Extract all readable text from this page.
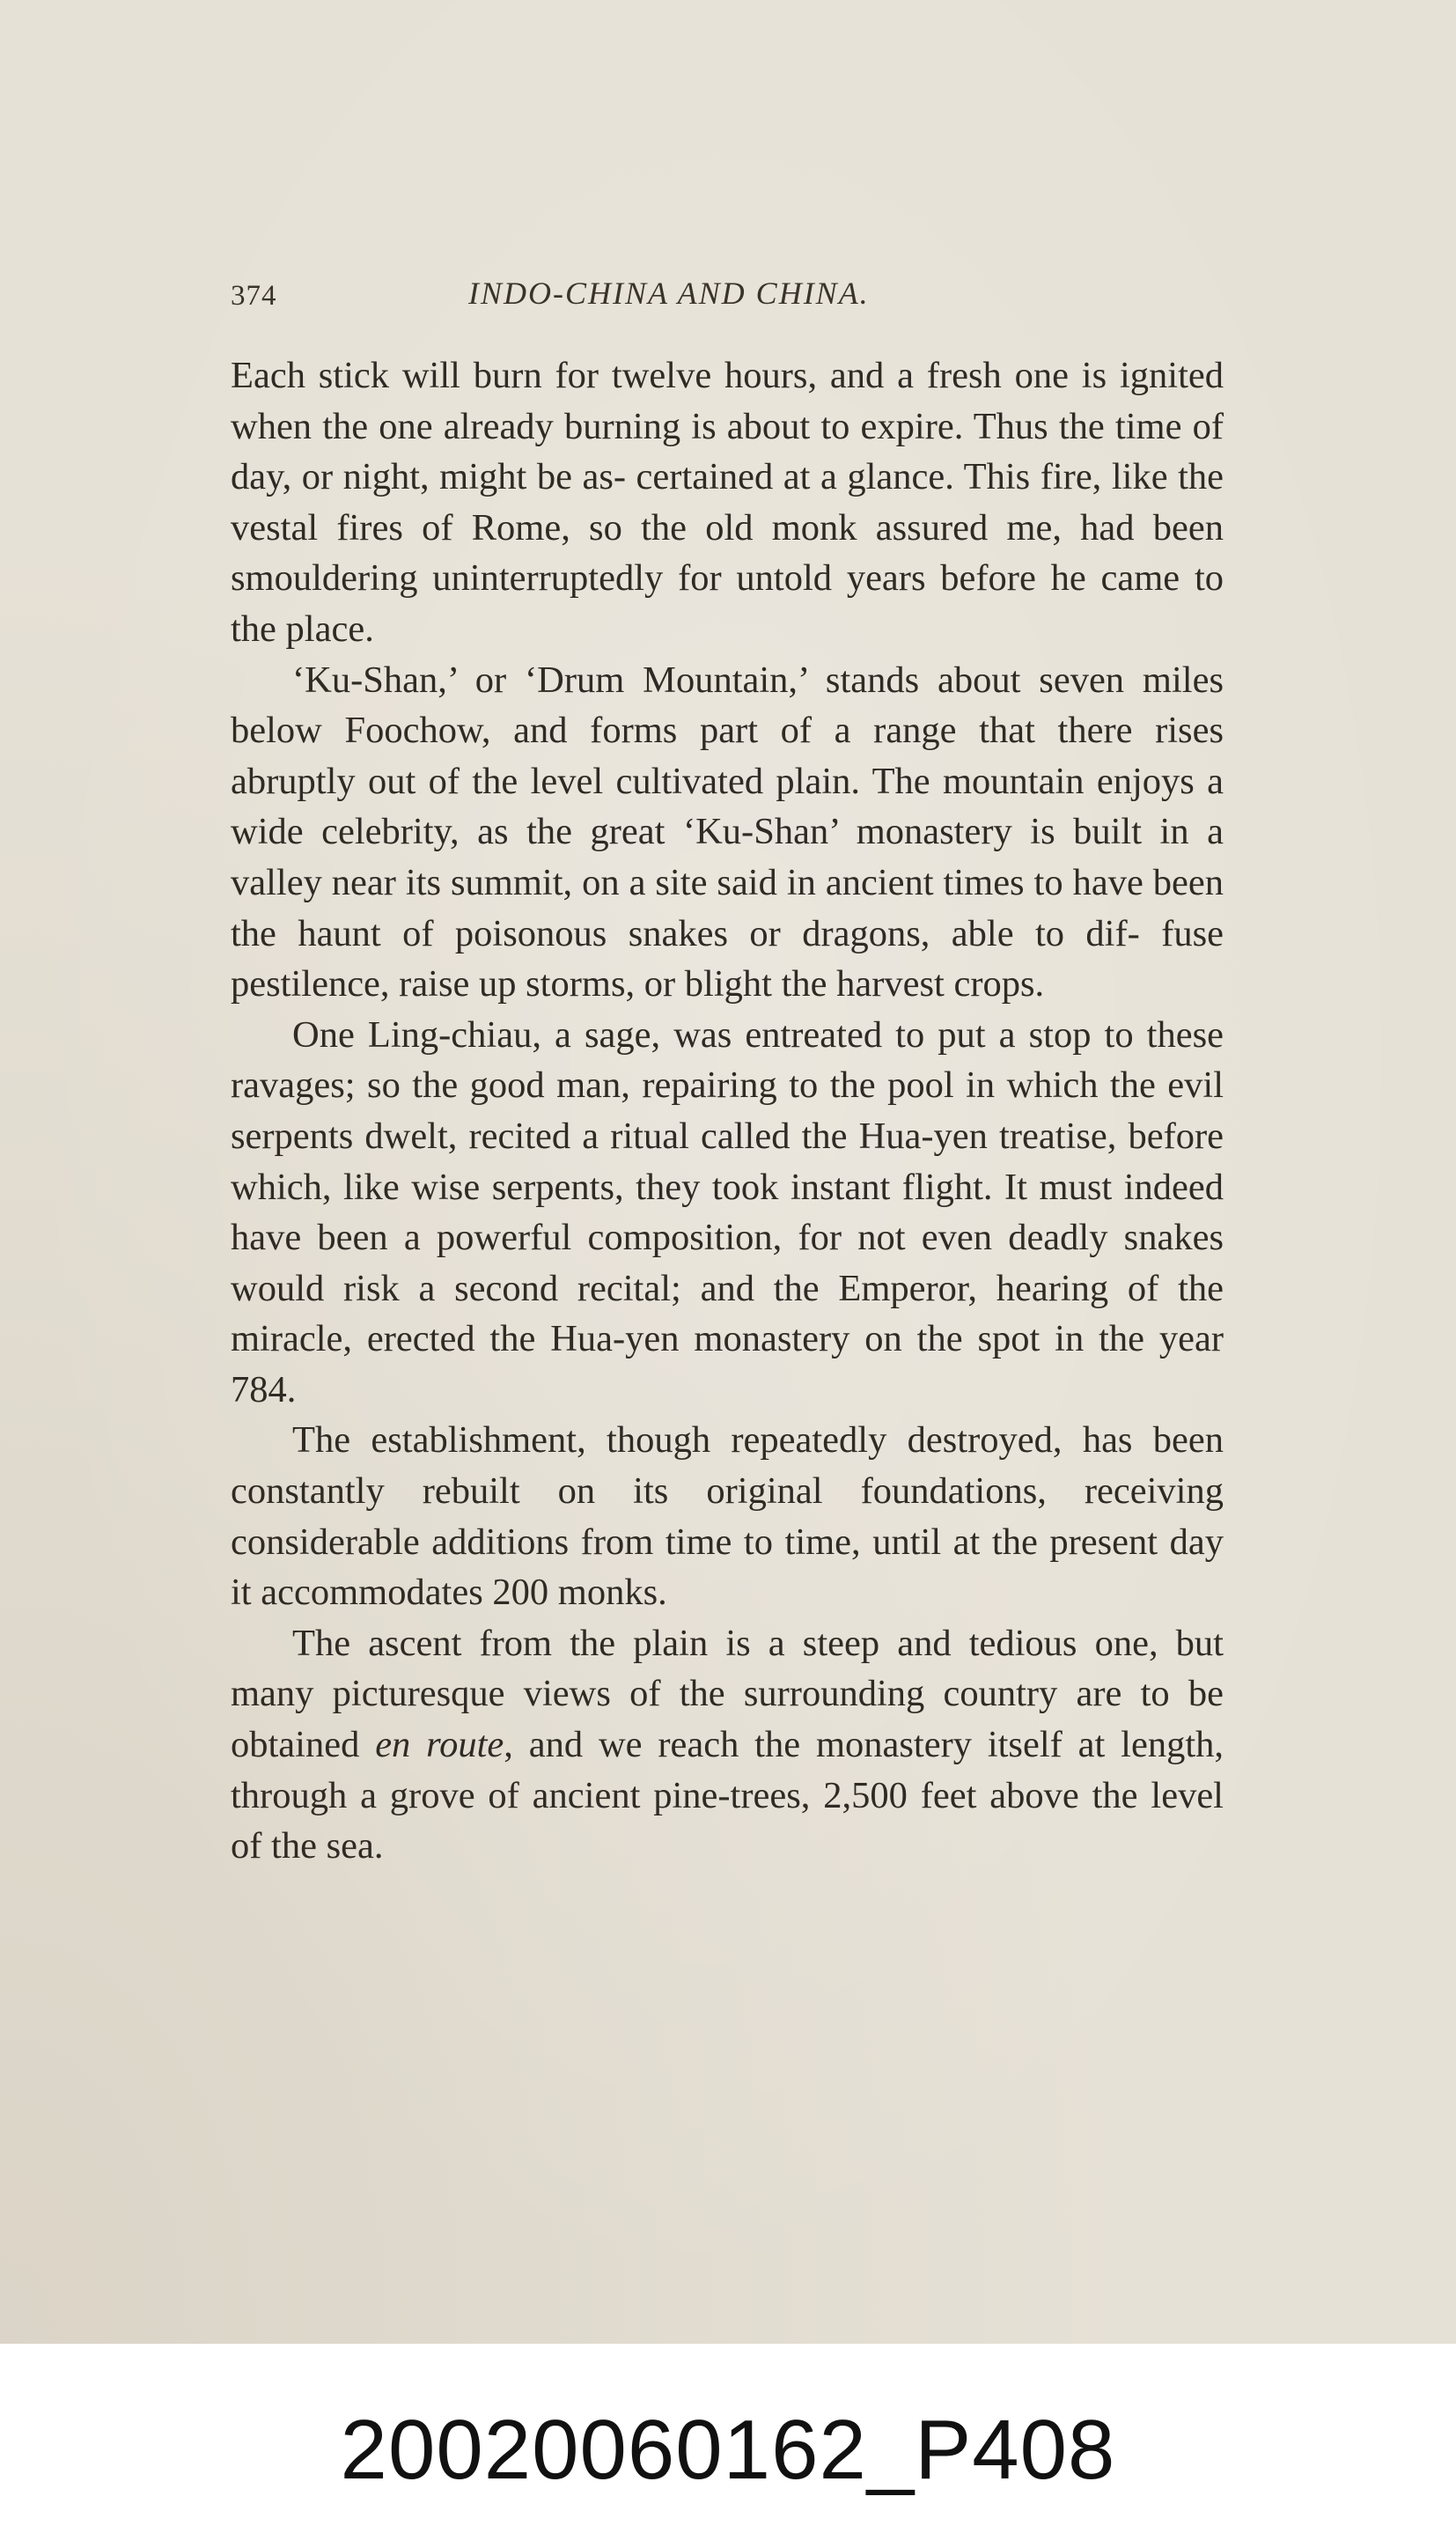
374	INDO-CHINA AND CHINA.

Each stick will burn for twelve hours, and a fresh one is ignited when the one already burning is about to expire. Thus the time of day, or night, might be as- certained at a glance. This fire, like the vestal fires of Rome, so the old monk assured me, had been smouldering uninterruptedly for untold years before he came to the place.

‘Ku-Shan,’ or ‘Drum Mountain,’ stands about seven miles below Foochow, and forms part of a range that there rises abruptly out of the level cultivated plain. The mountain enjoys a wide celebrity, as the great ‘Ku-Shan’ monastery is built in a valley near its summit, on a site said in ancient times to have been the haunt of poisonous snakes or dragons, able to dif- fuse pestilence, raise up storms, or blight the harvest crops.

One Ling-chiau, a sage, was entreated to put a stop to these ravages; so the good man, repairing to the pool in which the evil serpents dwelt, recited a ritual called the Hua-yen treatise, before which, like wise serpents, they took instant flight. It must indeed have been a powerful composition, for not even deadly snakes would risk a second recital; and the Emperor, hearing of the miracle, erected the Hua-yen monastery on the spot in the year 784.

The establishment, though repeatedly destroyed, has been constantly rebuilt on its original foundations, receiving considerable additions from time to time, until at the present day it accommodates 200 monks.

The ascent from the plain is a steep and tedious one, but many picturesque views of the surrounding country are to be obtained en route, and we reach the monastery itself at length, through a grove of ancient pine-trees, 2,500 feet above the level of the sea.

20020060162_P408
